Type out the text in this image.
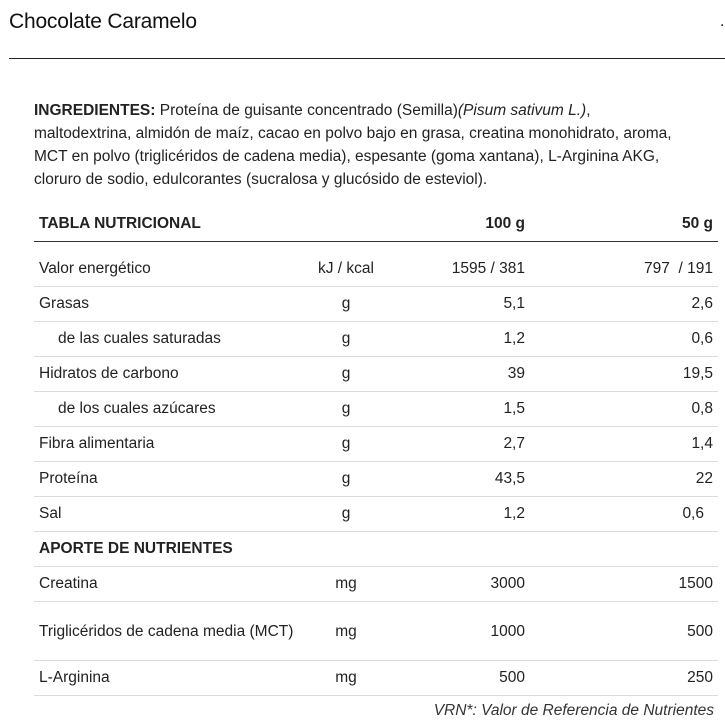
Chocolate Caramelo	.

INGREDIENTES: Proteína de guisante concentrado (Semilla)(Pisum sativum L.), maltodextrina, almidón de maíz, cacao en polvo bajo en grasa, creatina monohidrato, aroma, MCT en polvo (triglicéridos de cadena media), espesante (goma xantana), L-Arginina AKG, cloruro de sodio, edulcorantes (sucralosa y glucósido de esteviol).

TABLA NUTRICIONAL		100 g	50 g

Valor energético	kJ / kcal	1595 / 381	797  / 191
Grasas	g	5,1	2,6
de las cuales saturadas	g	1,2	0,6
Hidratos de carbono	g	39	19,5
de los cuales azúcares	g	1,5	0,8
Fibra alimentaria	g	2,7	1,4
Proteína	g	43,5	22
Sal	g	1,2	0,6
APORTE DE NUTRIENTES			
Creatina	mg	3000	1500
Triglicéridos de cadena media (MCT)	mg	1000	500
L-Arginina	mg	500	250
VRN*: Valor de Referencia de Nutrientes
